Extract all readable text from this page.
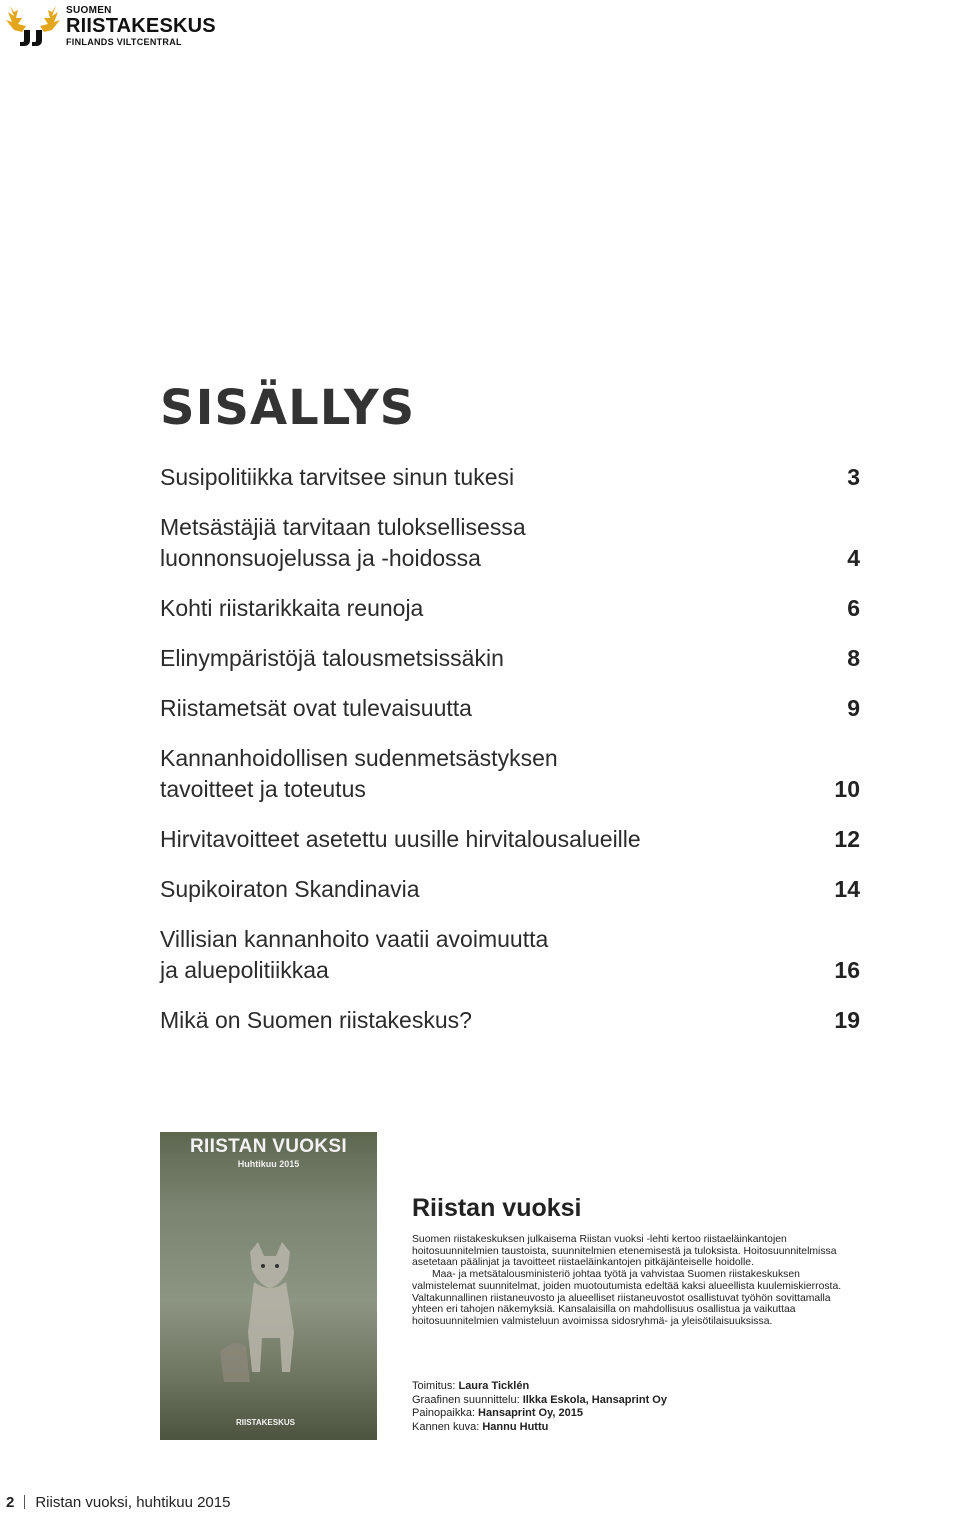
SUOMEN
RIISTAKESKUS
FINLANDS VILTCENTRAL
SISÄLLYS
Susipolitiikka tarvitsee sinun tukesi	3
Metsästäjiä tarvitaan tuloksellisessa
luonnonsuojelussa ja -hoidossa	4
Kohti riistarikkaita reunoja	6
Elinympäristöjä talousmetsissäkin	8
Riistametsät ovat tulevaisuutta	9
Kannanhoidollisen sudenmetsästyksen
tavoitteet ja toteutus	10
Hirvitavoitteet asetettu uusille hirvitalousalueille	12
Supikoiraton Skandinavia	14
Villisian kannanhoito vaatii avoimuutta
ja aluepolitiikkaa	16
Mikä on Suomen riistakeskus?	19
RIISTAN VUOKSI
Huhtikuu 2015
RIISTAKESKUS
Riistan vuoksi

Suomen riistakeskuksen julkaisema Riistan vuoksi -lehti kertoo riistaeläinkantojen hoitosuunnitelmien taustoista, suunnitelmien etenemisestä ja tuloksista. Hoitosuunnitelmissa asetetaan päälinjat ja tavoitteet riistaeläinkantojen pitkäjänteiselle hoidolle.

Maa- ja metsätalousministeriö johtaa työtä ja vahvistaa Suomen riistakeskuksen valmistelemat suunnitelmat, joiden muotoutumista edeltää kaksi alueellista kuulemiskierrosta. Valtakunnallinen riistaneuvosto ja alueelliset riistaneuvostot osallistuvat työhön sovittamalla yhteen eri tahojen näkemyksiä. Kansalaisilla on mahdollisuus osallistua ja vaikuttaa hoitosuunnitelmien valmisteluun avoimissa sidosryhmä- ja yleisötilaisuuksissa.

Toimitus: Laura Ticklén
Graafinen suunnittelu: Ilkka Eskola, Hansaprint Oy
Painopaikka: Hansaprint Oy, 2015
Kannen kuva: Hannu Huttu
2 Riistan vuoksi, huhtikuu 2015
